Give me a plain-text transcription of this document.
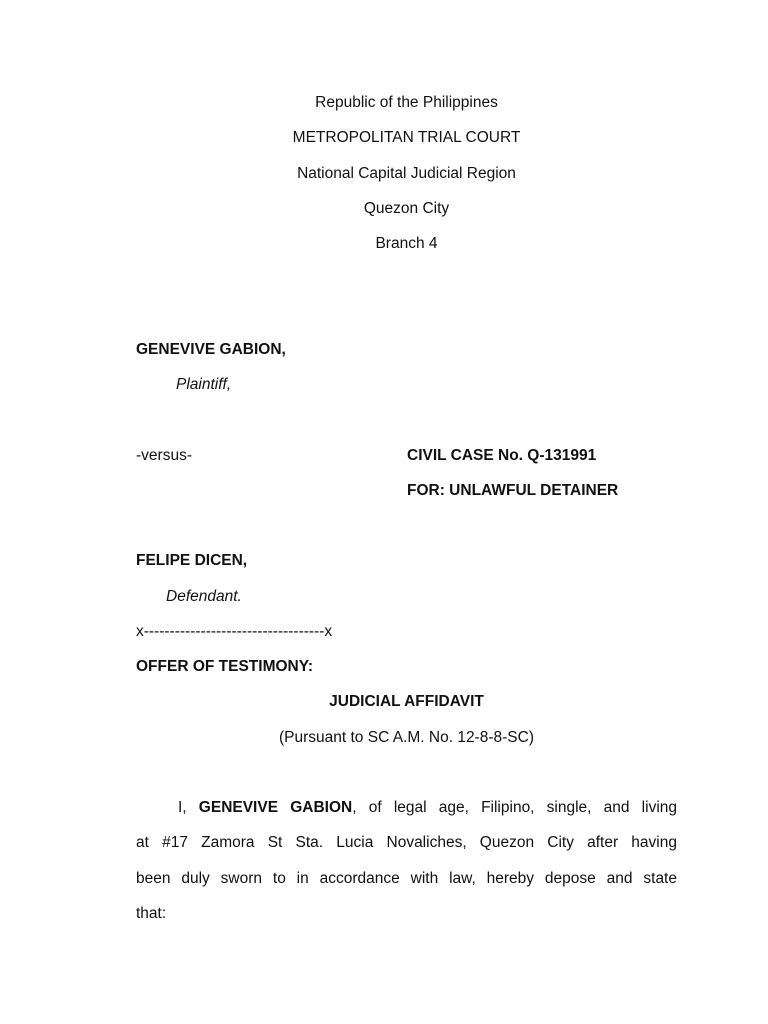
Republic of the Philippines
METROPOLITAN TRIAL COURT
National Capital Judicial Region
Quezon City
Branch 4
GENEVIVE GABION,
Plaintiff,
-versus-	CIVIL CASE No. Q-131991
FOR: UNLAWFUL DETAINER
FELIPE DICEN,
Defendant.
x-----------------------------------x
OFFER OF TESTIMONY:
JUDICIAL AFFIDAVIT
(Pursuant to SC A.M. No. 12-8-8-SC)
I, GENEVIVE GABION, of legal age, Filipino, single, and living
at #17 Zamora St Sta. Lucia Novaliches, Quezon City after having
been duly sworn to in accordance with law, hereby depose and state
that:
